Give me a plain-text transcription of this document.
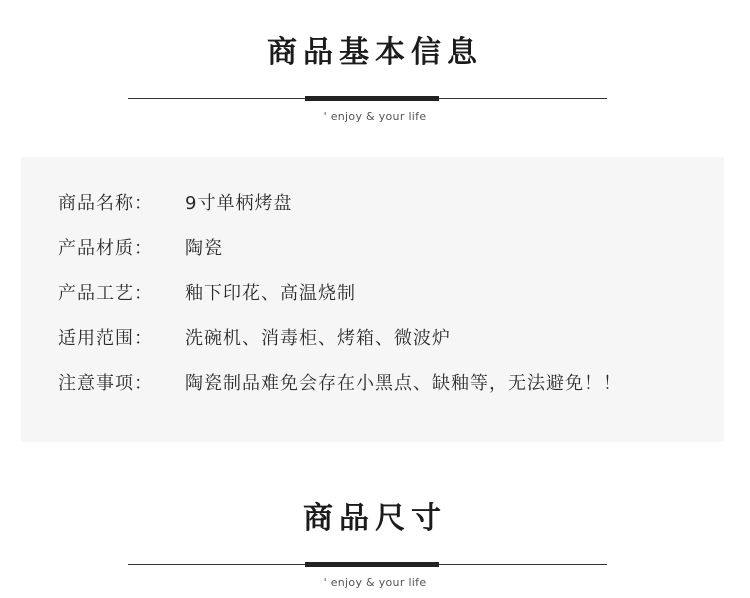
商品基本信息
' enjoy & your life
商品名称： 9寸单柄烤盘
产品材质： 陶瓷
产品工艺： 釉下印花、高温烧制
适用范围： 洗碗机、消毒柜、烤箱、微波炉
注意事项： 陶瓷制品难免会存在小黑点、缺釉等，无法避免！！
商品尺寸
' enjoy & your life
